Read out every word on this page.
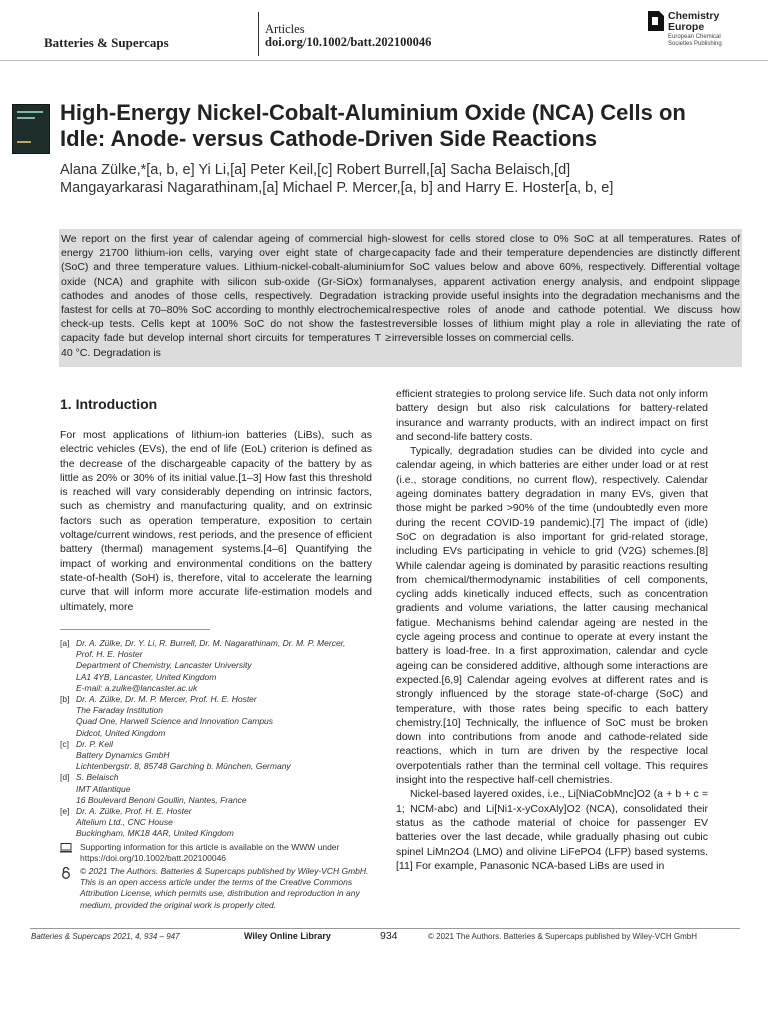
Batteries & Supercaps
Articles
doi.org/10.1002/batt.202100046
Chemistry
Europe
European Chemical
Societies Publishing
High-Energy Nickel-Cobalt-Aluminium Oxide (NCA) Cells on
Idle: Anode- versus Cathode-Driven Side Reactions
Alana Zülke,*[a, b, e] Yi Li,[a] Peter Keil,[c] Robert Burrell,[a] Sacha Belaisch,[d]
Mangayarkarasi Nagarathinam,[a] Michael P. Mercer,[a, b] and Harry E. Hoster[a, b, e]
We report on the first year of calendar ageing of commercial high-energy 21700 lithium-ion cells, varying over eight state of charge (SoC) and three temperature values. Lithium-nickel-cobalt-aluminium oxide (NCA) and graphite with silicon sub-oxide (Gr-SiOx) form cathodes and anodes of those cells, respectively. Degradation is fastest for cells at 70–80% SoC according to monthly electrochemical check-up tests. Cells kept at 100% SoC do not show the fastest capacity fade but develop internal short circuits for temperatures T ≥ 40 °C. Degradation is
slowest for cells stored close to 0% SoC at all temperatures. Rates of capacity fade and their temperature dependencies are distinctly different for SoC values below and above 60%, respectively. Differential voltage analyses, apparent activation energy analysis, and endpoint slippage tracking provide useful insights into the degradation mechanisms and the respective roles of anode and cathode potential. We discuss how reversible losses of lithium might play a role in alleviating the rate of irreversible losses on commercial cells.
1. Introduction
For most applications of lithium-ion batteries (LiBs), such as electric vehicles (EVs), the end of life (EoL) criterion is defined as the decrease of the dischargeable capacity of the battery by as little as 20% or 30% of its initial value.[1–3] How fast this threshold is reached will vary considerably depending on intrinsic factors, such as chemistry and manufacturing quality, and on extrinsic factors such as operation temperature, exposition to certain voltage/current windows, rest periods, and the presence of efficient battery (thermal) management systems.[4–6] Quantifying the impact of working and environmental conditions on the battery state-of-health (SoH) is, therefore, vital to accelerate the learning curve that will inform more accurate life-estimation models and ultimately, more

efficient strategies to prolong service life. Such data not only inform battery design but also risk calculations for battery-related insurance and warranty products, with an indirect impact on first and second-life battery costs.

Typically, degradation studies can be divided into cycle and calendar ageing, in which batteries are either under load or at rest (i.e., storage conditions, no current flow), respectively. Calendar ageing dominates battery degradation in many EVs, given that those might be parked >90% of the time (undoubtedly even more during the recent COVID-19 pandemic).[7] The impact of (idle) SoC on degradation is also important for grid-related storage, including EVs participating in vehicle to grid (V2G) schemes.[8] While calendar ageing is dominated by parasitic reactions resulting from chemical/thermodynamic instabilities of cell components, cycling adds kinetically induced effects, such as concentration gradients and volume variations, the latter causing mechanical fatigue. Mechanisms behind calendar ageing are nested in the cycle ageing process and continue to operate at every instant the battery is load-free. In a first approximation, calendar and cycle ageing can be considered additive, although some interactions are expected.[6,9] Calendar ageing evolves at different rates and is strongly influenced by the storage state-of-charge (SoC) and temperature, with those rates being specific to each battery chemistry.[10] Technically, the influence of SoC must be broken down into contributions from anode and cathode-related side reactions, which in turn are driven by the respective local overpotentials rather than the terminal cell voltage. This requires insight into the respective half-cell chemistries.

Nickel-based layered oxides, i.e., Li[NiaCobMnc]O2 (a + b + c = 1; NCM-abc) and Li[Ni1-x-yCoxAly]O2 (NCA), consolidated their status as the cathode material of choice for passenger EV batteries over the last decade, while gradually phasing out cubic spinel LiMn2O4 (LMO) and olivine LiFePO4 (LFP) based systems.[11] For example, Panasonic NCA-based LiBs are used in

[a] Dr. A. Zülke, Dr. Y. Li, R. Burrell, Dr. M. Nagarathinam, Dr. M. P. Mercer,
Prof. H. E. Hoster
Department of Chemistry, Lancaster University
LA1 4YB, Lancaster, United Kingdom
E-mail: a.zulke@lancaster.ac.uk
[b] Dr. A. Zülke, Dr. M. P. Mercer, Prof. H. E. Hoster
The Faraday Institution
Quad One, Harwell Science and Innovation Campus
Didcot, United Kingdom
[c] Dr. P. Keil
Battery Dynamics GmbH
Lichtenbergstr. 8, 85748 Garching b. München, Germany
[d] S. Belaisch
IMT Atlantique
16 Boulevard Benoni Goullin, Nantes, France
[e] Dr. A. Zülke, Prof. H. E. Hoster
Altelium Ltd., CNC House
Buckingham, MK18 4AR, United Kingdom
Supporting information for this article is available on the WWW under https://doi.org/10.1002/batt.202100046
© 2021 The Authors. Batteries & Supercaps published by Wiley-VCH GmbH. This is an open access article under the terms of the Creative Commons Attribution License, which permits use, distribution and reproduction in any medium, provided the original work is properly cited.
Batteries & Supercaps 2021, 4, 934 – 947	Wiley Online Library	934	© 2021 The Authors. Batteries & Supercaps published by Wiley-VCH GmbH
